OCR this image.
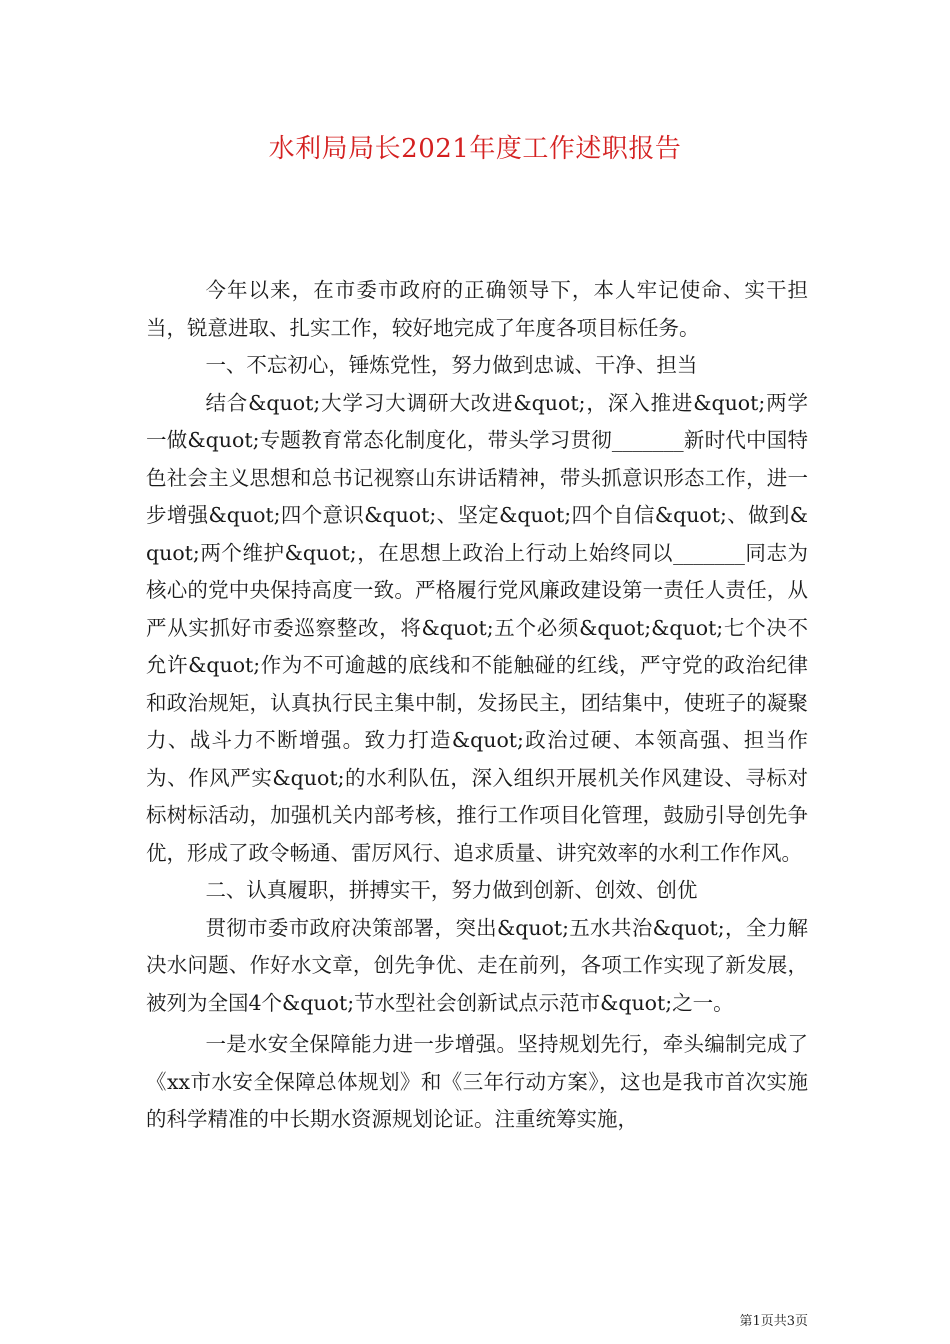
水利局局长2021年度工作述职报告

今年以来，在市委市政府的正确领导下，本人牢记使命、实干担当，锐意进取、扎实工作，较好地完成了年度各项目标任务。

一、不忘初心，锤炼党性，努力做到忠诚、干净、担当

结合&quot;大学习大调研大改进&quot;，深入推进&quot;两学一做&quot;专题教育常态化制度化，带头学习贯彻_______新时代中国特色社会主义思想和总书记视察山东讲话精神，带头抓意识形态工作，进一步增强&quot;四个意识&quot;、坚定&quot;四个自信&quot;、做到&quot;两个维护&quot;，在思想上政治上行动上始终同以_______同志为核心的党中央保持高度一致。严格履行党风廉政建设第一责任人责任，从严从实抓好市委巡察整改，将&quot;五个必须&quot;&quot;七个决不允许&quot;作为不可逾越的底线和不能触碰的红线，严守党的政治纪律和政治规矩，认真执行民主集中制，发扬民主，团结集中，使班子的凝聚力、战斗力不断增强。致力打造&quot;政治过硬、本领高强、担当作为、作风严实&quot;的水利队伍，深入组织开展机关作风建设、寻标对标树标活动，加强机关内部考核，推行工作项目化管理，鼓励引导创先争优，形成了政令畅通、雷厉风行、追求质量、讲究效率的水利工作作风。

二、认真履职，拼搏实干，努力做到创新、创效、创优

贯彻市委市政府决策部署，突出&quot;五水共治&quot;，全力解决水问题、作好水文章，创先争优、走在前列，各项工作实现了新发展，被列为全国4个&quot;节水型社会创新试点示范市&quot;之一。

一是水安全保障能力进一步增强。坚持规划先行，牵头编制完成了《xx市水安全保障总体规划》和《三年行动方案》，这也是我市首次实施的科学精准的中长期水资源规划论证。注重统筹实施，

第1页共3页
